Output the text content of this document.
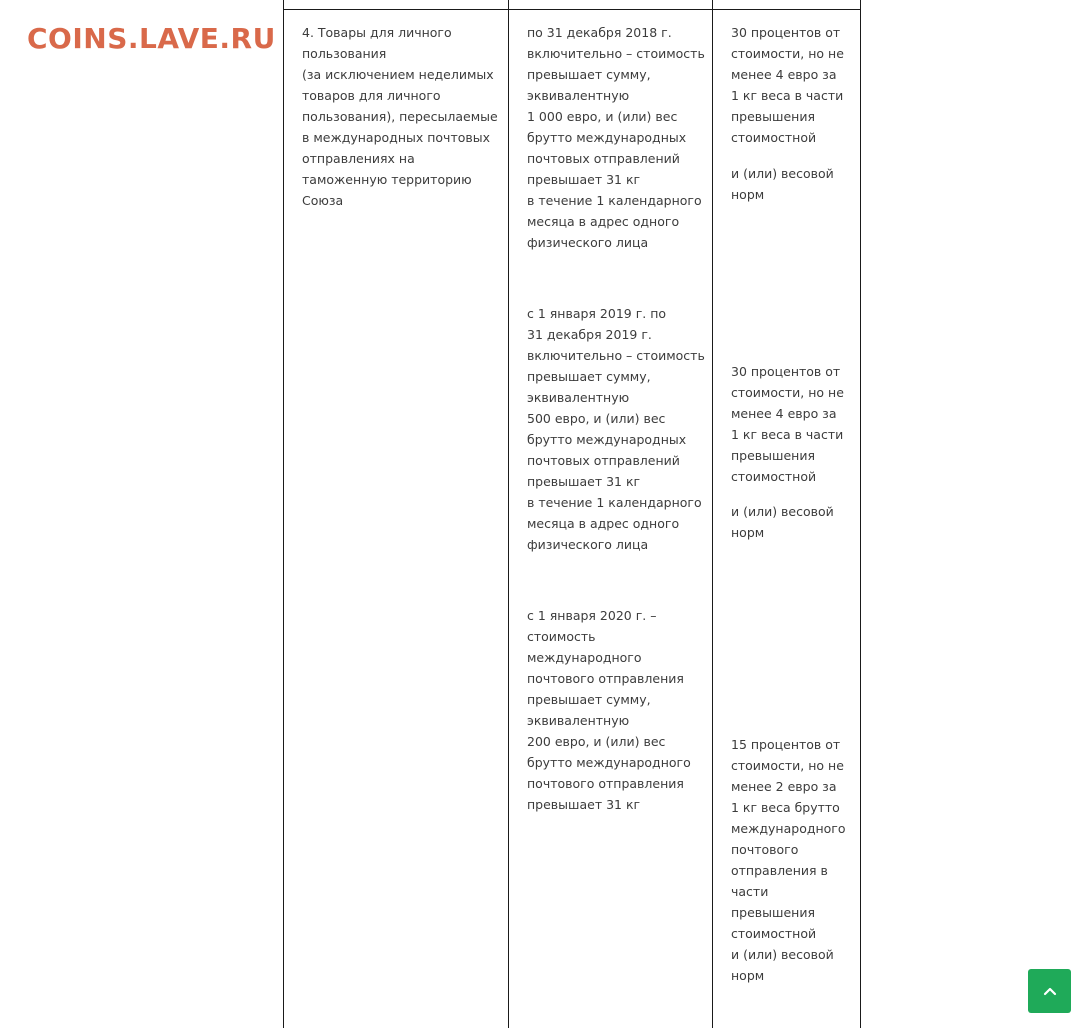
COINS.LAVE.RU 4. Товары для личного
пользования
(за исключением неделимых
товаров для личного
пользования), пересылаемые
в международных почтовых
отправлениях на
таможенную территорию
Союза
по 31 декабря 2018 г.
включительно – стоимость
превышает сумму,
эквивалентную
1 000 евро, и (или) вес
брутто международных
почтовых отправлений
превышает 31 кг
в течение 1 календарного
месяца в адрес одного
физического лица
с 1 января 2019 г. по
31 декабря 2019 г.
включительно – стоимость
превышает сумму,
эквивалентную
500 евро, и (или) вес
брутто международных
почтовых отправлений
превышает 31 кг
в течение 1 календарного
месяца в адрес одного
физического лица
с 1 января 2020 г. –
стоимость
международного
почтового отправления
превышает сумму,
эквивалентную
200 евро, и (или) вес
брутто международного
почтового отправления
превышает 31 кг
30 процентов от
стоимости, но не
менее 4 евро за
1 кг веса в части
превышения
стоимостной
и (или) весовой
норм
30 процентов от
стоимости, но не
менее 4 евро за
1 кг веса в части
превышения
стоимостной
и (или) весовой
норм
15 процентов от
стоимости, но не
менее 2 евро за
1 кг веса брутто
международного
почтового
отправления в
части
превышения
стоимостной
и (или) весовой
норм
